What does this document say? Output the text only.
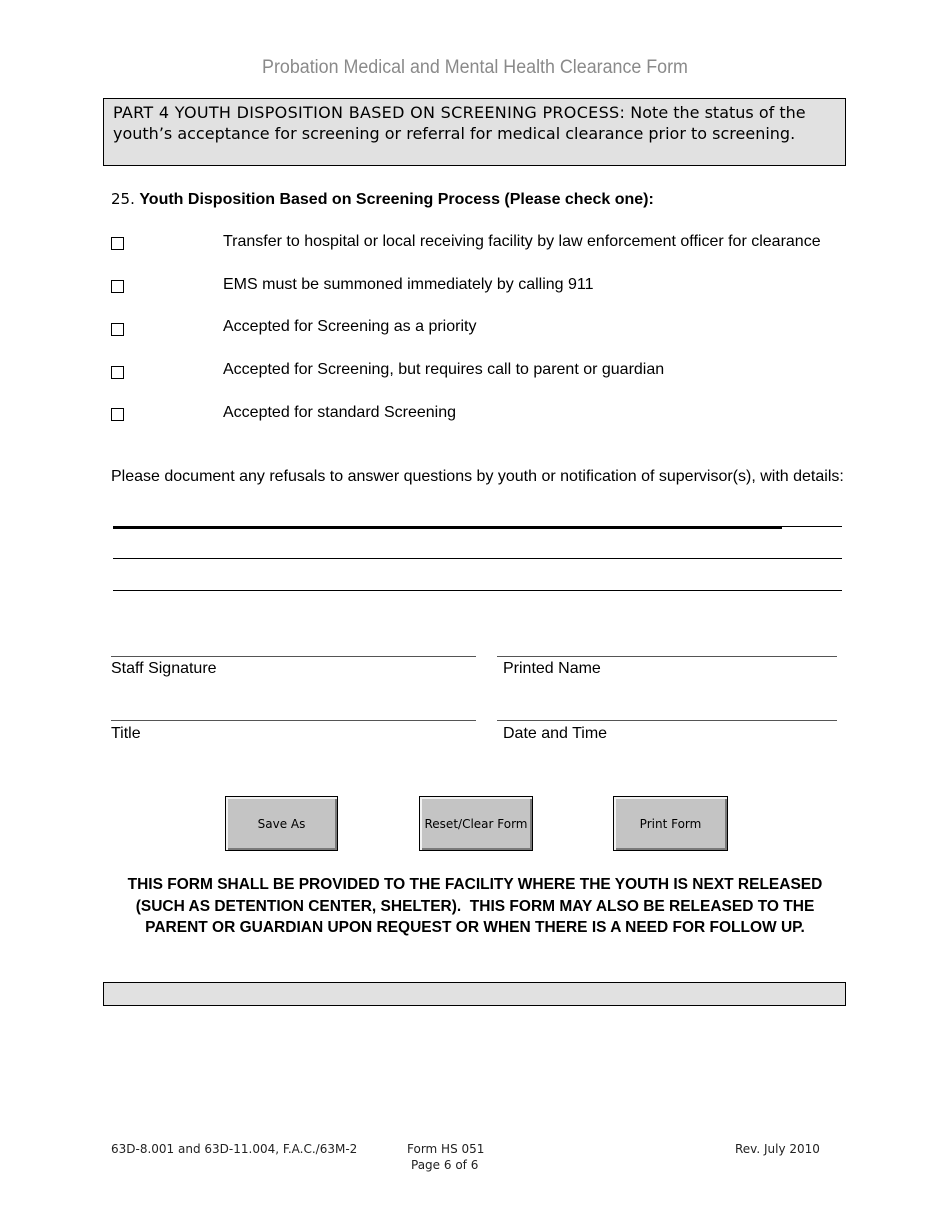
Probation Medical and Mental Health Clearance Form
PART 4 YOUTH DISPOSITION BASED ON SCREENING PROCESS: Note the status of the youth’s acceptance for screening or referral for medical clearance prior to screening.
25. Youth Disposition Based on Screening Process (Please check one):
Transfer to hospital or local receiving facility by law enforcement officer for clearance
EMS must be summoned immediately by calling 911
Accepted for Screening as a priority
Accepted for Screening, but requires call to parent or guardian
Accepted for standard Screening
Please document any refusals to answer questions by youth or notification of supervisor(s), with details:
Staff Signature	Printed Name
Title	Date and Time
Save As	Reset/Clear Form	Print Form
THIS FORM SHALL BE PROVIDED TO THE FACILITY WHERE THE YOUTH IS NEXT RELEASED
(SUCH AS DETENTION CENTER, SHELTER).  THIS FORM MAY ALSO BE RELEASED TO THE
PARENT OR GUARDIAN UPON REQUEST OR WHEN THERE IS A NEED FOR FOLLOW UP.
63D-8.001 and 63D-11.004, F.A.C./63M-2	Form HS 051
Page 6 of 6
Rev. July 2010
